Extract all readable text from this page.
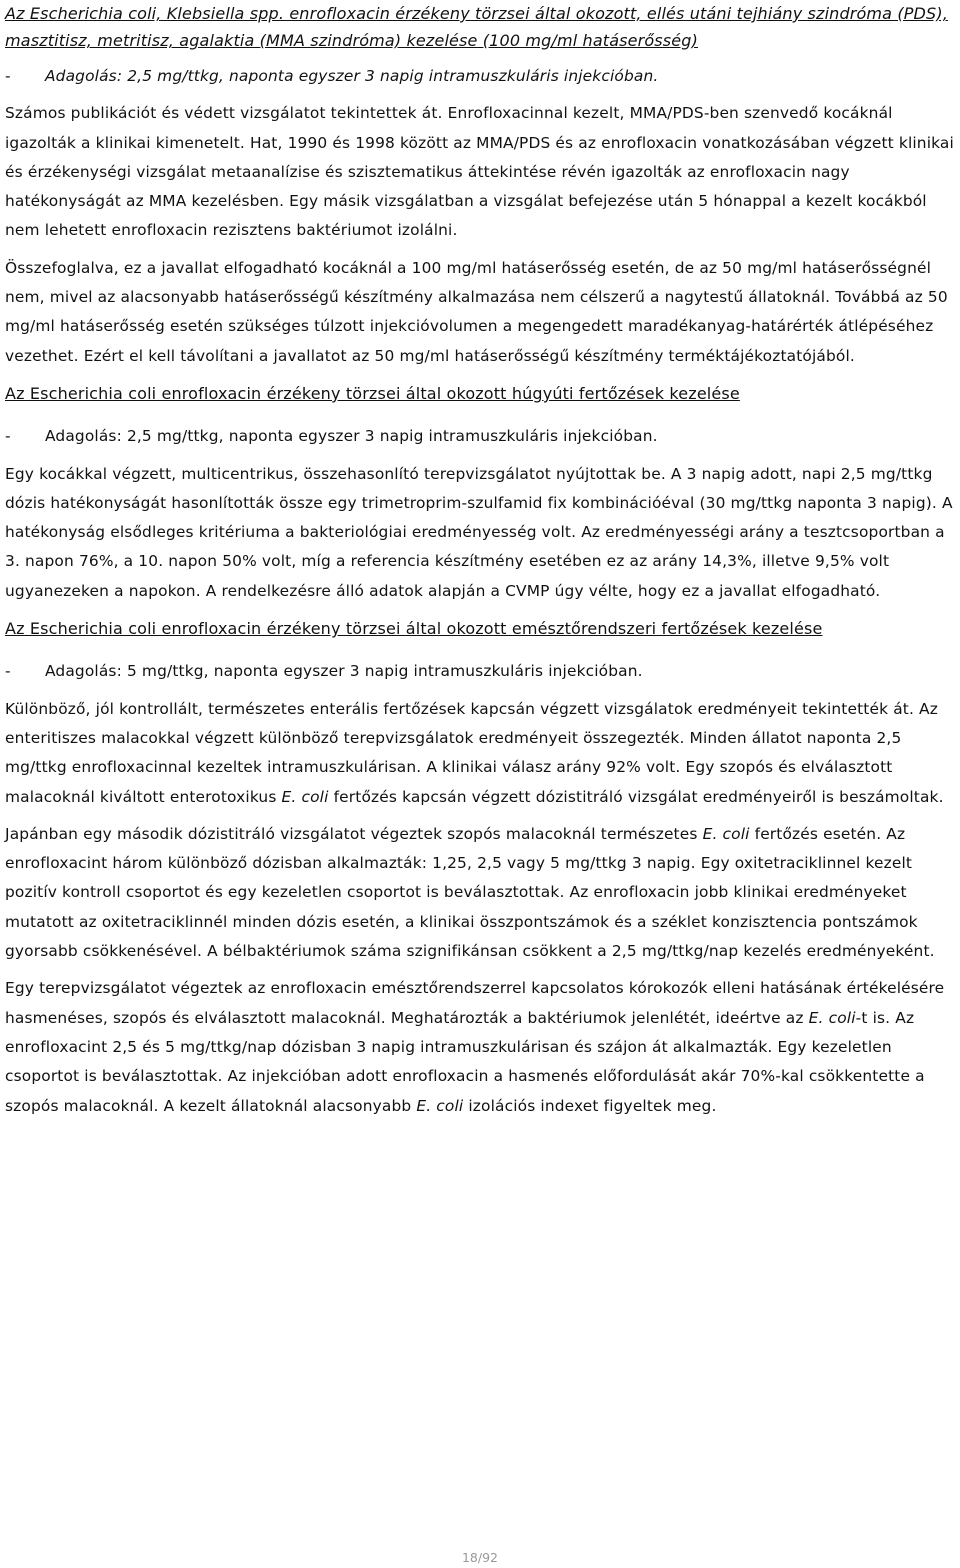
Az Escherichia coli, Klebsiella spp. enrofloxacin érzékeny törzsei által okozott, ellés utáni tejhiány szindróma (PDS), masztitisz, metritisz, agalaktia (MMA szindróma) kezelése (100 mg/ml hatáserősség)

- Adagolás: 2,5 mg/ttkg, naponta egyszer 3 napig intramuszkuláris injekcióban.

Számos publikációt és védett vizsgálatot tekintettek át. Enrofloxacinnal kezelt, MMA/PDS-ben szenvedő kocáknál igazolták a klinikai kimenetelt. Hat, 1990 és 1998 között az MMA/PDS és az enrofloxacin vonatkozásában végzett klinikai és érzékenységi vizsgálat metaanalízise és szisztematikus áttekintése révén igazolták az enrofloxacin nagy hatékonyságát az MMA kezelésben. Egy másik vizsgálatban a vizsgálat befejezése után 5 hónappal a kezelt kocákból nem lehetett enrofloxacin rezisztens baktériumot izolálni.

Összefoglalva, ez a javallat elfogadható kocáknál a 100 mg/ml hatáserősség esetén, de az 50 mg/ml hatáserősségnél nem, mivel az alacsonyabb hatáserősségű készítmény alkalmazása nem célszerű a nagytestű állatoknál. Továbbá az 50 mg/ml hatáserősség esetén szükséges túlzott injekcióvolumen a megengedett maradékanyag-határérték átlépéséhez vezethet. Ezért el kell távolítani a javallatot az 50 mg/ml hatáserősségű készítmény terméktájékoztatójából.

Az Escherichia coli enrofloxacin érzékeny törzsei által okozott húgyúti fertőzések kezelése

- Adagolás: 2,5 mg/ttkg, naponta egyszer 3 napig intramuszkuláris injekcióban.

Egy kocákkal végzett, multicentrikus, összehasonlító terepvizsgálatot nyújtottak be. A 3 napig adott, napi 2,5 mg/ttkg dózis hatékonyságát hasonlították össze egy trimetroprim-szulfamid fix kombinációéval (30 mg/ttkg naponta 3 napig). A hatékonyság elsődleges kritériuma a bakteriológiai eredményesség volt. Az eredményességi arány a tesztcsoportban a 3. napon 76%, a 10. napon 50% volt, míg a referencia készítmény esetében ez az arány 14,3%, illetve 9,5% volt ugyanezeken a napokon. A rendelkezésre álló adatok alapján a CVMP úgy vélte, hogy ez a javallat elfogadható.

Az Escherichia coli enrofloxacin érzékeny törzsei által okozott emésztőrendszeri fertőzések kezelése

- Adagolás: 5 mg/ttkg, naponta egyszer 3 napig intramuszkuláris injekcióban.

Különböző, jól kontrollált, természetes enterális fertőzések kapcsán végzett vizsgálatok eredményeit tekintették át. Az enteritiszes malacokkal végzett különböző terepvizsgálatok eredményeit összegezték. Minden állatot naponta 2,5 mg/ttkg enrofloxacinnal kezeltek intramuszkulárisan. A klinikai válasz arány 92% volt. Egy szopós és elválasztott malacoknál kiváltott enterotoxikus E. coli fertőzés kapcsán végzett dózistitráló vizsgálat eredményeiről is beszámoltak.

Japánban egy második dózistitráló vizsgálatot végeztek szopós malacoknál természetes E. coli fertőzés esetén. Az enrofloxacint három különböző dózisban alkalmazták: 1,25, 2,5 vagy 5 mg/ttkg 3 napig. Egy oxitetraciklinnel kezelt pozitív kontroll csoportot és egy kezeletlen csoportot is beválasztottak. Az enrofloxacin jobb klinikai eredményeket mutatott az oxitetraciklinnél minden dózis esetén, a klinikai összpontszámok és a széklet konzisztencia pontszámok gyorsabb csökkenésével. A bélbaktériumok száma szignifikánsan csökkent a 2,5 mg/ttkg/nap kezelés eredményeként.

Egy terepvizsgálatot végeztek az enrofloxacin emésztőrendszerrel kapcsolatos kórokozók elleni hatásának értékelésére hasmenéses, szopós és elválasztott malacoknál. Meghatározták a baktériumok jelenlétét, ideértve az E. coli-t is. Az enrofloxacint 2,5 és 5 mg/ttkg/nap dózisban 3 napig intramuszkulárisan és szájon át alkalmazták. Egy kezeletlen csoportot is beválasztottak. Az injekcióban adott enrofloxacin a hasmenés előfordulását akár 70%-kal csökkentette a szopós malacoknál. A kezelt állatoknál alacsonyabb E. coli izolációs indexet figyeltek meg.

18/92
